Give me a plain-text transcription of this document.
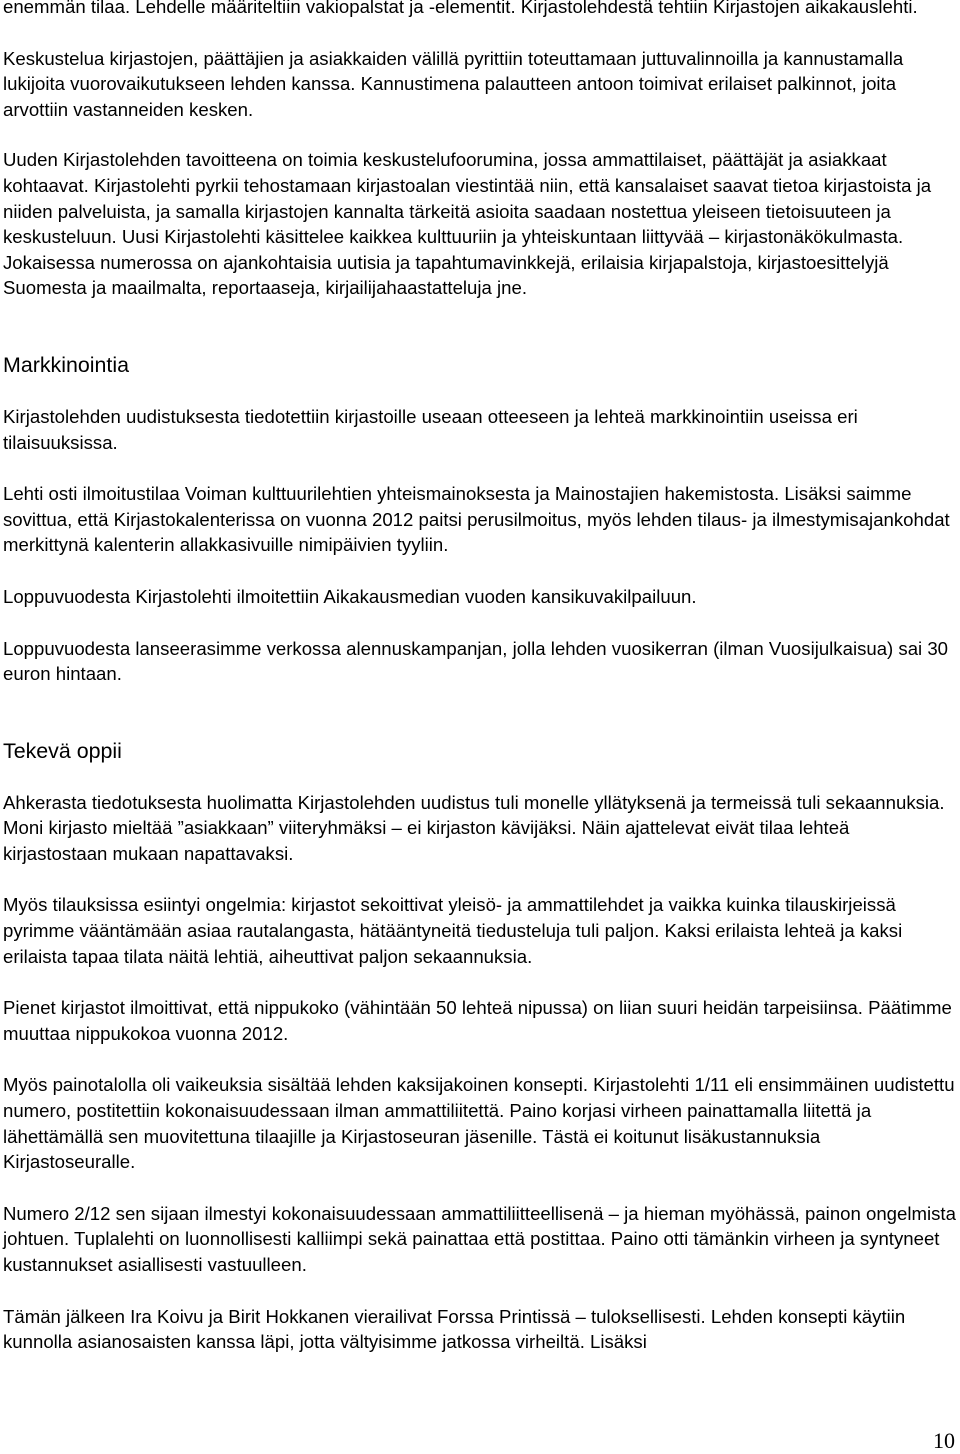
enemmän tilaa. Lehdelle määriteltiin vakiopalstat ja -elementit. Kirjastolehdestä tehtiin Kirjastojen aikakauslehti.

Keskustelua kirjastojen, päättäjien ja asiakkaiden välillä pyrittiin toteuttamaan juttuvalinnoilla ja kannustamalla lukijoita vuorovaikutukseen lehden kanssa. Kannustimena palautteen antoon toimivat erilaiset palkinnot, joita arvottiin vastanneiden kesken.

Uuden Kirjastolehden tavoitteena on toimia keskustelufoorumina, jossa ammattilaiset, päättäjät ja asiakkaat kohtaavat. Kirjastolehti pyrkii tehostamaan kirjastoalan viestintää niin, että kansalaiset saavat tietoa kirjastoista ja niiden palveluista, ja samalla kirjastojen kannalta tärkeitä asioita saadaan nostettua yleiseen tietoisuuteen ja keskusteluun. Uusi Kirjastolehti käsittelee kaikkea kulttuuriin ja yhteiskuntaan liittyvää – kirjastonäkökulmasta. Jokaisessa numerossa on ajankohtaisia uutisia ja tapahtumavinkkejä, erilaisia kirjapalstoja, kirjastoesittelyjä Suomesta ja maailmalta, reportaaseja, kirjailijahaastatteluja jne.

Markkinointia

Kirjastolehden uudistuksesta tiedotettiin kirjastoille useaan otteeseen ja lehteä markkinointiin useissa eri tilaisuuksissa.

Lehti osti ilmoitustilaa Voiman kulttuurilehtien yhteismainoksesta ja Mainostajien hakemistosta. Lisäksi saimme sovittua, että Kirjastokalenterissa on vuonna 2012 paitsi perusilmoitus, myös lehden tilaus- ja ilmestymisajankohdat merkittynä kalenterin allakkasivuille nimipäivien tyyliin.

Loppuvuodesta Kirjastolehti ilmoitettiin Aikakausmedian vuoden kansikuvakilpailuun.

Loppuvuodesta lanseerasimme verkossa alennuskampanjan, jolla lehden vuosikerran (ilman Vuosijulkaisua) sai 30 euron hintaan.

Tekevä oppii

Ahkerasta tiedotuksesta huolimatta Kirjastolehden uudistus tuli monelle yllätyksenä ja termeissä tuli sekaannuksia. Moni kirjasto mieltää ”asiakkaan” viiteryhmäksi – ei kirjaston kävijäksi. Näin ajattelevat eivät tilaa lehteä kirjastostaan mukaan napattavaksi.

Myös tilauksissa esiintyi ongelmia: kirjastot sekoittivat yleisö- ja ammattilehdet ja vaikka kuinka tilauskirjeissä pyrimme vääntämään asiaa rautalangasta, hätääntyneitä tiedusteluja tuli paljon. Kaksi erilaista lehteä ja kaksi erilaista tapaa tilata näitä lehtiä, aiheuttivat paljon sekaannuksia.

Pienet kirjastot ilmoittivat, että nippukoko (vähintään 50 lehteä nipussa) on liian suuri heidän tarpeisiinsa. Päätimme muuttaa nippukokoa vuonna 2012.

Myös painotalolla oli vaikeuksia sisältää lehden kaksijakoinen konsepti. Kirjastolehti 1/11 eli ensimmäinen uudistettu numero, postitettiin kokonaisuudessaan ilman ammattiliitettä. Paino korjasi virheen painattamalla liitettä ja lähettämällä sen muovitettuna tilaajille ja Kirjastoseuran jäsenille. Tästä ei koitunut lisäkustannuksia Kirjastoseuralle.

Numero 2/12 sen sijaan ilmestyi kokonaisuudessaan ammattiliitteellisenä – ja hieman myöhässä, painon ongelmista johtuen. Tuplalehti on luonnollisesti kalliimpi sekä painattaa että postittaa. Paino otti tämänkin virheen ja syntyneet kustannukset asiallisesti vastuulleen.

Tämän jälkeen Ira Koivu ja Birit Hokkanen vierailivat Forssa Printissä – tuloksellisesti. Lehden konsepti käytiin kunnolla asianosaisten kanssa läpi, jotta vältyisimme jatkossa virheiltä. Lisäksi

10
